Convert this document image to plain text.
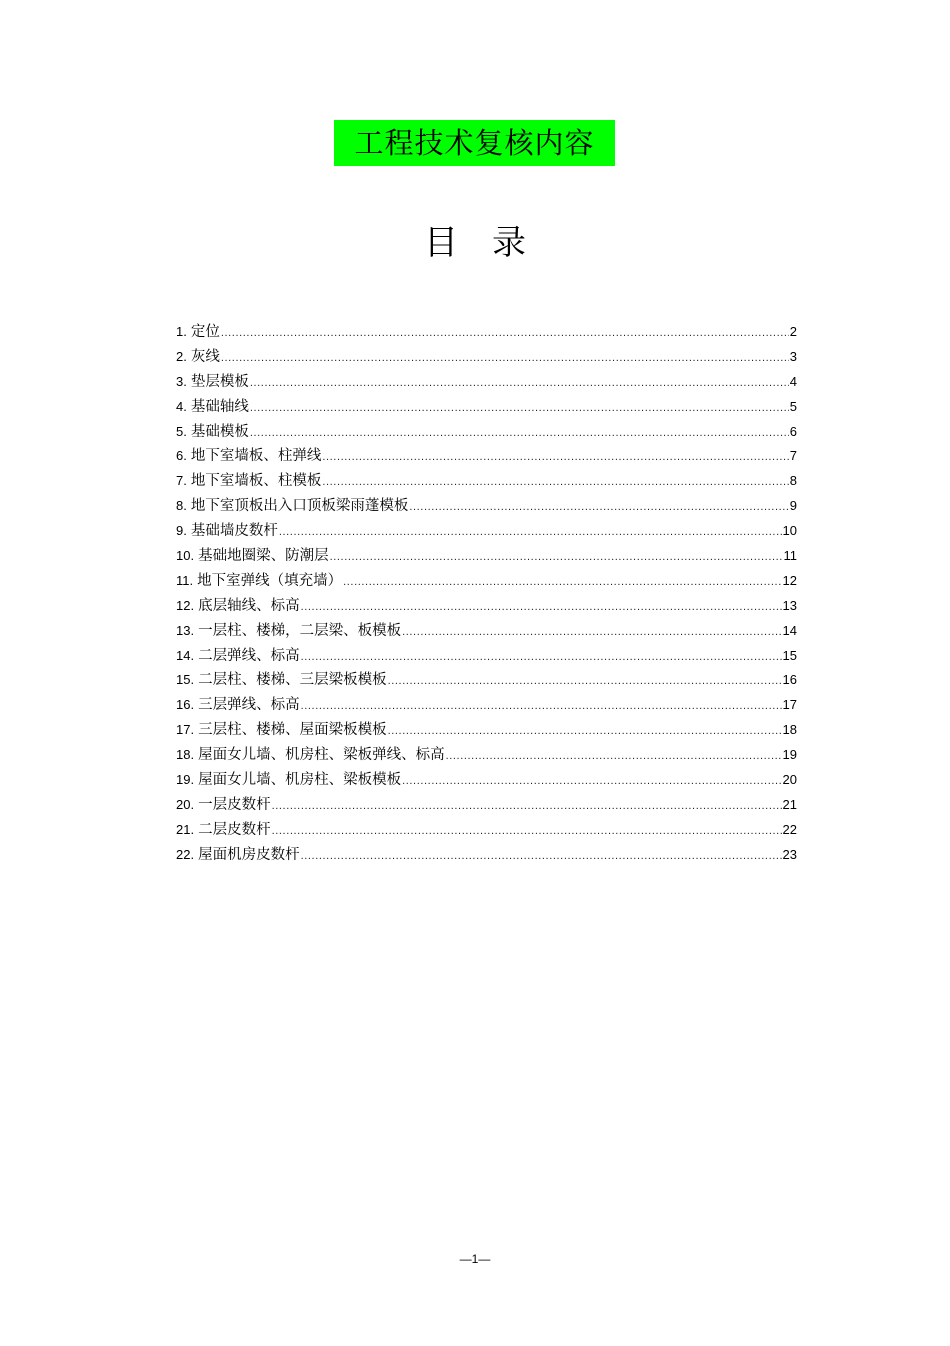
工程技术复核内容
目 录
1. 定位 .....	2
2. 灰线 .....	3
3. 垫层模板 .....	4
4. 基础轴线 .....	5
5. 基础模板 .....	6
6. 地下室墙板、柱弹线 .....	7
7. 地下室墙板、柱模板 .....	8
8. 地下室顶板出入口顶板梁雨蓬模板 .....	9
9. 基础墙皮数杆 .....	10
10. 基础地圈梁、防潮层 .....	11
11. 地下室弹线（填充墙） .....	12
12. 底层轴线、标高 .....	13
13. 一层柱、楼梯，二层梁、板模板 .....	14
14. 二层弹线、标高 .....	15
15. 二层柱、楼梯、三层梁板模板 .....	16
16. 三层弹线、标高 .....	17
17. 三层柱、楼梯、屋面梁板模板 .....	18
18. 屋面女儿墙、机房柱、梁板弹线、标高 .....	19
19. 屋面女儿墙、机房柱、梁板模板 .....	20
20. 一层皮数杆 .....	21
21. 二层皮数杆 .....	22
22. 屋面机房皮数杆 .....	23
—1—
